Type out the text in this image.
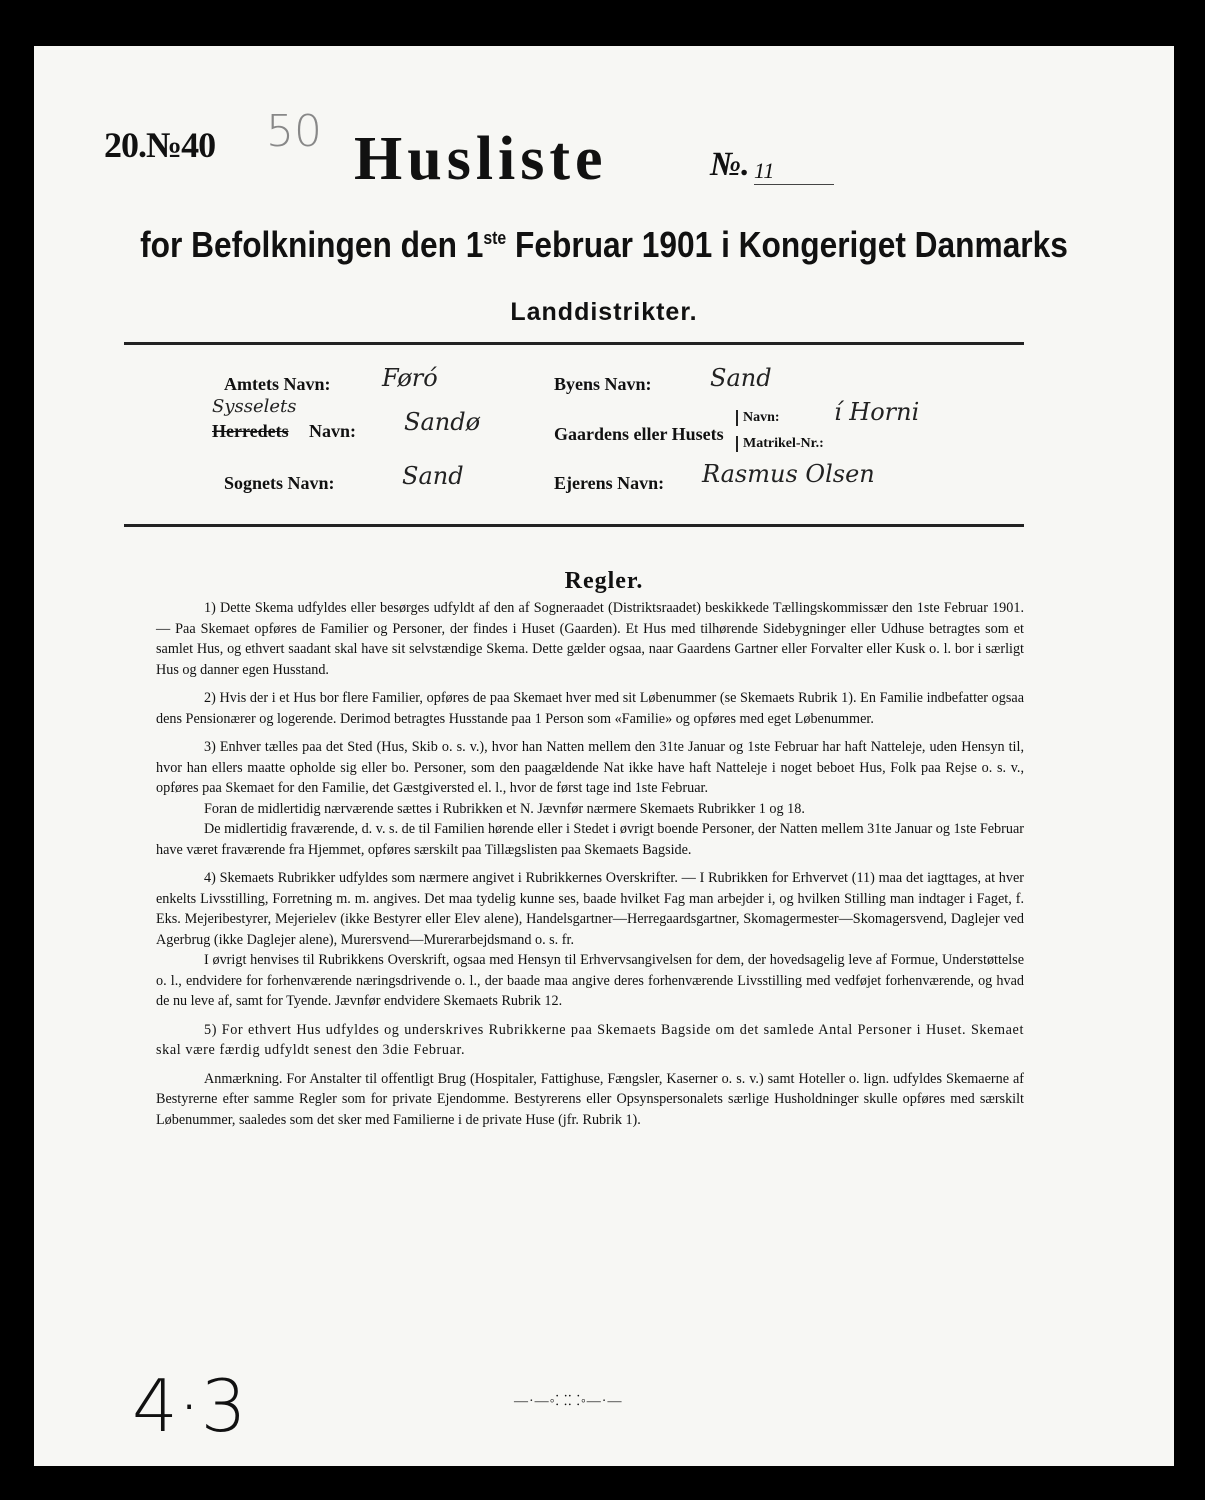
20.№40 50 Husliste	№. 11
for Befolkningen den 1ste Februar 1901 i Kongeriget Danmarks
Landdistrikter.
Amtets Navn: Føró
Sysselets
Herredets Navn: Sandø
Sognets Navn:	Sand
Byens Navn: Sand
Gaardens eller Husets
Navn: í Horni
Matrikel-Nr.:
Ejerens Navn: Rasmus Olsen
Regler.

1) Dette Skema udfyldes eller besørges udfyldt af den af Sogneraadet (Distriktsraadet) beskikkede Tællingskommissær den 1ste Februar 1901. — Paa Skemaet opføres de Familier og Personer, der findes i Huset (Gaarden). Et Hus med tilhørende Sidebygninger eller Udhuse betragtes som et samlet Hus, og ethvert saadant skal have sit selvstændige Skema. Dette gælder ogsaa, naar Gaardens Gartner eller Forvalter eller Kusk o. l. bor i særligt Hus og danner egen Husstand.

2) Hvis der i et Hus bor flere Familier, opføres de paa Skemaet hver med sit Løbenummer (se Skemaets Rubrik 1). En Familie indbefatter ogsaa dens Pensionærer og logerende. Derimod betragtes Husstande paa 1 Person som «Familie» og opføres med eget Løbenummer.

3) Enhver tælles paa det Sted (Hus, Skib o. s. v.), hvor han Natten mellem den 31te Januar og 1ste Februar har haft Natteleje, uden Hensyn til, hvor han ellers maatte opholde sig eller bo. Personer, som den paagældende Nat ikke have haft Natteleje i noget beboet Hus, Folk paa Rejse o. s. v., opføres paa Skemaet for den Familie, det Gæstgiversted el. l., hvor de først tage ind 1ste Februar.

Foran de midlertidig nærværende sættes i Rubrikken et N. Jævnfør nærmere Skemaets Rubrikker 1 og 18.

De midlertidig fraværende, d. v. s. de til Familien hørende eller i Stedet i øvrigt boende Personer, der Natten mellem 31te Januar og 1ste Februar have været fraværende fra Hjemmet, opføres særskilt paa Tillægslisten paa Skemaets Bagside.

4) Skemaets Rubrikker udfyldes som nærmere angivet i Rubrikkernes Overskrifter. — I Rubrikken for Erhvervet (11) maa det iagttages, at hver enkelts Livsstilling, Forretning m. m. angives. Det maa tydelig kunne ses, baade hvilket Fag man arbejder i, og hvilken Stilling man indtager i Faget, f. Eks. Mejeribestyrer, Mejerielev (ikke Bestyrer eller Elev alene), Handelsgartner—Herregaardsgartner, Skomagermester—Skomagersvend, Daglejer ved Agerbrug (ikke Daglejer alene), Murersvend—Murerarbejdsmand o. s. fr.

I øvrigt henvises til Rubrikkens Overskrift, ogsaa med Hensyn til Erhvervsangivelsen for dem, der hovedsagelig leve af Formue, Understøttelse o. l., endvidere for forhenværende næringsdrivende o. l., der baade maa angive deres forhenværende Livsstilling med vedføjet forhenværende, og hvad de nu leve af, samt for Tyende. Jævnfør endvidere Skemaets Rubrik 12.

5) For ethvert Hus udfyldes og underskrives Rubrikkerne paa Skemaets Bagside om det samlede Antal Personer i Huset. Skemaet skal være færdig udfyldt senest den 3die Februar.

Anmærkning. For Anstalter til offentligt Brug (Hospitaler, Fattighuse, Fængsler, Kaserner o. s. v.) samt Hoteller o. lign. udfyldes Skemaerne af Bestyrerne efter samme Regler som for private Ejendomme. Bestyrerens eller Opsynspersonalets særlige Husholdninger skulle opføres med særskilt Løbenummer, saaledes som det sker med Familierne i de private Huse (jfr. Rubrik 1).

—·—◦⸬⸬◦—·—
4·3
